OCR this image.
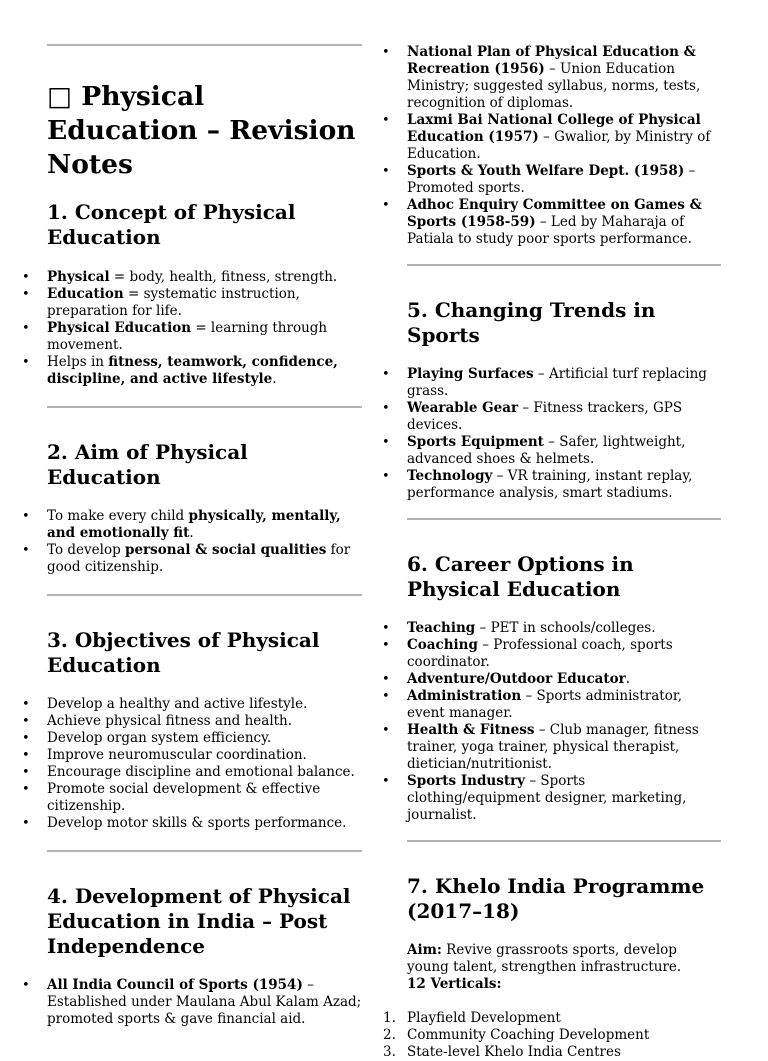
□ Physical Education – Revision Notes
1. Concept of Physical Education
• Physical = body, health, fitness, strength.
• Education = systematic instruction, preparation for life.
• Physical Education = learning through movement.
• Helps in fitness, teamwork, confidence, discipline, and active lifestyle.
2. Aim of Physical Education
• To make every child physically, mentally, and emotionally fit.
• To develop personal & social qualities for good citizenship.
3. Objectives of Physical Education
• Develop a healthy and active lifestyle.
• Achieve physical fitness and health.
• Develop organ system efficiency.
• Improve neuromuscular coordination.
• Encourage discipline and emotional balance.
• Promote social development & effective citizenship.
• Develop motor skills & sports performance.
4. Development of Physical Education in India – Post Independence
• All India Council of Sports (1954) – Established under Maulana Abul Kalam Azad; promoted sports & gave financial aid.
• National Plan of Physical Education & Recreation (1956) – Union Education Ministry; suggested syllabus, norms, tests, recognition of diplomas.
• Laxmi Bai National College of Physical Education (1957) – Gwalior, by Ministry of Education.
• Sports & Youth Welfare Dept. (1958) – Promoted sports.
• Adhoc Enquiry Committee on Games & Sports (1958-59) – Led by Maharaja of Patiala to study poor sports performance.
5. Changing Trends in Sports
• Playing Surfaces – Artificial turf replacing grass.
• Wearable Gear – Fitness trackers, GPS devices.
• Sports Equipment – Safer, lightweight, advanced shoes & helmets.
• Technology – VR training, instant replay, performance analysis, smart stadiums.
6. Career Options in Physical Education
• Teaching – PET in schools/colleges.
• Coaching – Professional coach, sports coordinator.
• Adventure/Outdoor Educator.
• Administration – Sports administrator, event manager.
• Health & Fitness – Club manager, fitness trainer, yoga trainer, physical therapist, dietician/nutritionist.
• Sports Industry – Sports clothing/equipment designer, marketing, journalist.
7. Khelo India Programme (2017–18)

Aim: Revive grassroots sports, develop young talent, strengthen infrastructure.

12 Verticals:

Playfield Development
Community Coaching Development
State-level Khelo India Centres
